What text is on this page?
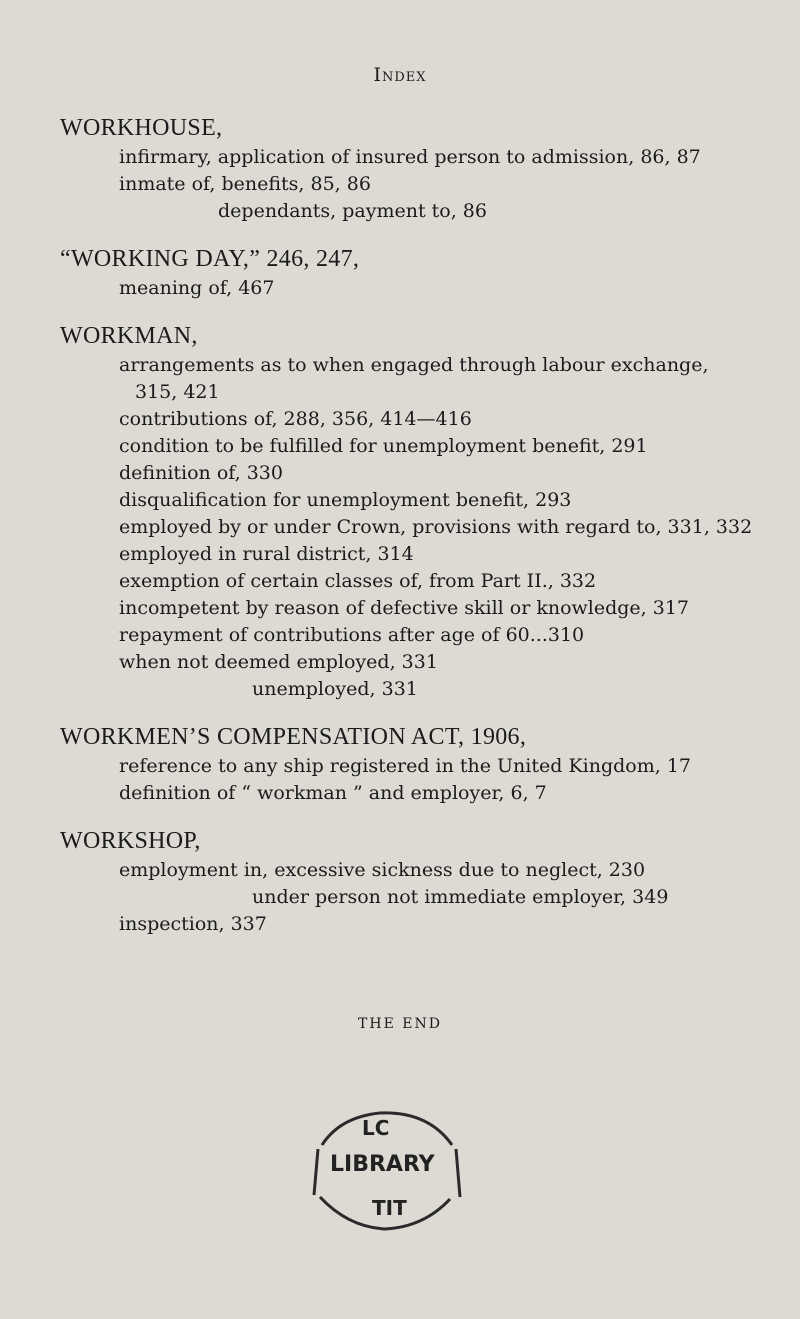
Index
WORKHOUSE,
infirmary, application of insured person to admission, 86, 87
inmate of, benefits, 85, 86
dependants, payment to, 86
“WORKING DAY,” 246, 247,
meaning of, 467
WORKMAN,
arrangements as to when engaged through labour exchange,
315, 421
contributions of, 288, 356, 414—416
condition to be fulfilled for unemployment benefit, 291
definition of, 330
disqualification for unemployment benefit, 293
employed by or under Crown, provisions with regard to, 331, 332
employed in rural district, 314
exemption of certain classes of, from Part II., 332
incompetent by reason of defective skill or knowledge, 317
repayment of contributions after age of 60...310
when not deemed employed, 331
unemployed, 331
WORKMEN’S COMPENSATION ACT, 1906,
reference to any ship registered in the United Kingdom, 17
definition of “ workman ” and employer, 6, 7
WORKSHOP,
employment in, excessive sickness due to neglect, 230
under person not immediate employer, 349
inspection, 337
THE END
LC
LIBRARY
TIT
